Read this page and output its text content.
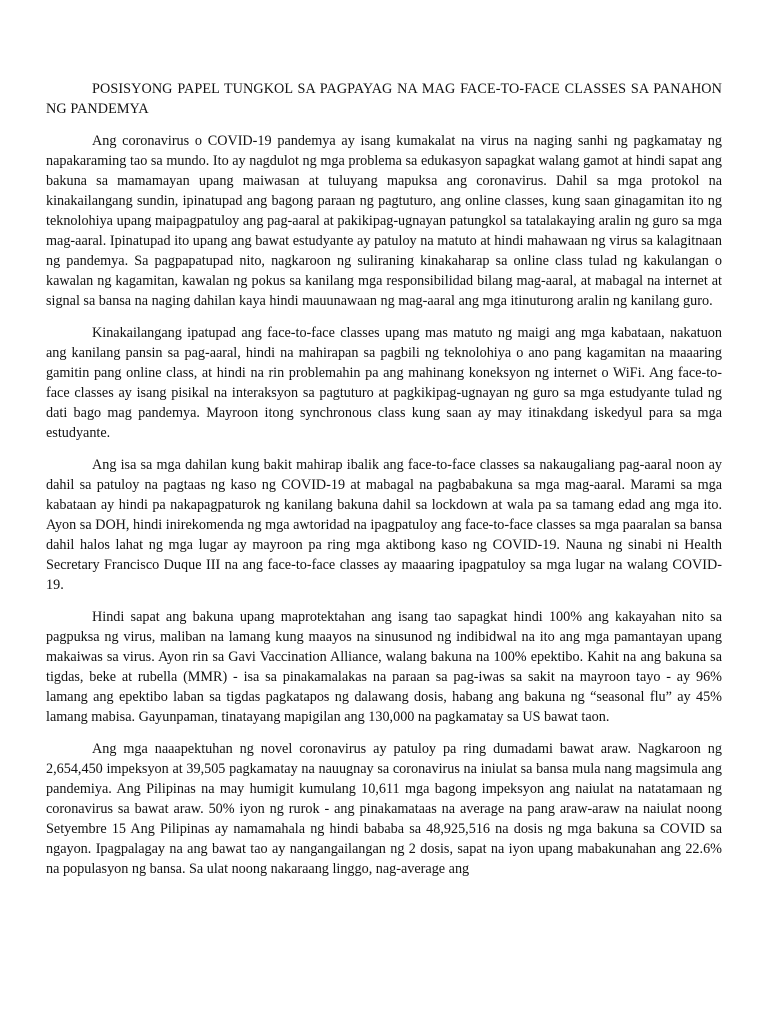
POSISYONG PAPEL TUNGKOL SA PAGPAYAG NA MAG FACE-TO-FACE CLASSES SA PANAHON NG PANDEMYA

Ang coronavirus o COVID-19 pandemya ay isang kumakalat na virus na naging sanhi ng pagkamatay ng napakaraming tao sa mundo. Ito ay nagdulot ng mga problema sa edukasyon sapagkat walang gamot at hindi sapat ang bakuna sa mamamayan upang maiwasan at tuluyang mapuksa ang coronavirus. Dahil sa mga protokol na kinakailangang sundin, ipinatupad ang bagong paraan ng pagtuturo, ang online classes, kung saan ginagamitan ito ng teknolohiya upang maipagpatuloy ang pag-aaral at pakikipag-ugnayan patungkol sa tatalakaying aralin ng guro sa mga mag-aaral. Ipinatupad ito upang ang bawat estudyante ay patuloy na matuto at hindi mahawaan ng virus sa kalagitnaan ng pandemya. Sa pagpapatupad nito, nagkaroon ng suliraning kinakaharap sa online class tulad ng kakulangan o kawalan ng kagamitan, kawalan ng pokus sa kanilang mga responsibilidad bilang mag-aaral, at mabagal na internet at signal sa bansa na naging dahilan kaya hindi mauunawaan ng mag-aaral ang mga itinuturong aralin ng kanilang guro.

Kinakailangang ipatupad ang face-to-face classes upang mas matuto ng maigi ang mga kabataan, nakatuon ang kanilang pansin sa pag-aaral, hindi na mahirapan sa pagbili ng teknolohiya o ano pang kagamitan na maaaring gamitin pang online class, at hindi na rin problemahin pa ang mahinang koneksyon ng internet o WiFi. Ang face-to-face classes ay isang pisikal na interaksyon sa pagtuturo at pagkikipag-ugnayan ng guro sa mga estudyante tulad ng dati bago mag pandemya. Mayroon itong synchronous class kung saan ay may itinakdang iskedyul para sa mga estudyante.

Ang isa sa mga dahilan kung bakit mahirap ibalik ang face-to-face classes sa nakaugaliang pag-aaral noon ay dahil sa patuloy na pagtaas ng kaso ng COVID-19 at mabagal na pagbabakuna sa mga mag-aaral. Marami sa mga kabataan ay hindi pa nakapagpaturok ng kanilang bakuna dahil sa lockdown at wala pa sa tamang edad ang mga ito. Ayon sa DOH, hindi inirekomenda ng mga awtoridad na ipagpatuloy ang face-to-face classes sa mga paaralan sa bansa dahil halos lahat ng mga lugar ay mayroon pa ring mga aktibong kaso ng COVID-19. Nauna ng sinabi ni Health Secretary Francisco Duque III na ang face-to-face classes ay maaaring ipagpatuloy sa mga lugar na walang COVID-19.

Hindi sapat ang bakuna upang maprotektahan ang isang tao sapagkat hindi 100% ang kakayahan nito sa pagpuksa ng virus, maliban na lamang kung maayos na sinusunod ng indibidwal na ito ang mga pamantayan upang makaiwas sa virus. Ayon rin sa Gavi Vaccination Alliance, walang bakuna na 100% epektibo. Kahit na ang bakuna sa tigdas, beke at rubella (MMR) - isa sa pinakamalakas na paraan sa pag-iwas sa sakit na mayroon tayo - ay 96% lamang ang epektibo laban sa tigdas pagkatapos ng dalawang dosis, habang ang bakuna ng “seasonal flu” ay 45% lamang mabisa. Gayunpaman, tinatayang mapigilan ang 130,000 na pagkamatay sa US bawat taon.

Ang mga naaapektuhan ng novel coronavirus ay patuloy pa ring dumadami bawat araw. Nagkaroon ng 2,654,450 impeksyon at 39,505 pagkamatay na nauugnay sa coronavirus na iniulat sa bansa mula nang magsimula ang pandemiya. Ang Pilipinas na may humigit kumulang 10,611 mga bagong impeksyon ang naiulat na natatamaan ng coronavirus sa bawat araw. 50% iyon ng rurok - ang pinakamataas na average na pang araw-araw na naiulat noong Setyembre 15 Ang Pilipinas ay namamahala ng hindi bababa sa 48,925,516 na dosis ng mga bakuna sa COVID sa ngayon. Ipagpalagay na ang bawat tao ay nangangailangan ng 2 dosis, sapat na iyon upang mabakunahan ang 22.6% na populasyon ng bansa. Sa ulat noong nakaraang linggo, nag-average ang
